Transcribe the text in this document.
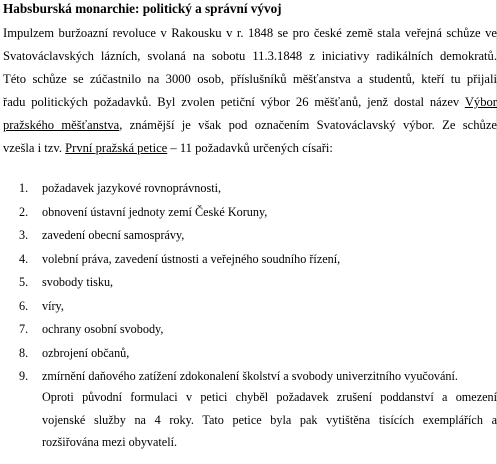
Habsburská monarchie: politický a správní vývoj
Impulzem buržoazní revoluce v Rakousku v r. 1848 se pro české země stala veřejná schůze ve
Svatováclavských lázních, svolaná na sobotu 11.3.1848 z iniciativy radikálních demokratů.
Této schůze se zúčastnilo na 3000 osob, příslušníků měšťanstva a studentů, kteří tu přijali
řadu politických požadavků. Byl zvolen petiční výbor 26 měšťanů, jenž dostal název Výbor
pražského měšťanstva, známější je však pod označením Svatováclavský výbor. Ze schůze
vzešla i tzv. První pražská petice – 11 požadavků určených císaři:
1.	požadavek jazykové rovnoprávnosti,
2.	obnovení ústavní jednoty zemí České Koruny,
3.	zavedení obecní samosprávy,
4.	volební práva, zavedení ústnosti a veřejného soudního řízení,
5.	svobody tisku,
6.	víry,
7.	ochrany osobní svobody,
8.	ozbrojení občanů,
9.	zmírnění daňového zatížení zdokonalení školství a svobody univerzitního vyučování.
Oproti původní formulaci v petici chyběl požadavek zrušení poddanství a omezení
vojenské služby na 4 roky. Tato petice byla pak vytištěna tisících exemplářích a
rozšiřována mezi obyvatelí.
